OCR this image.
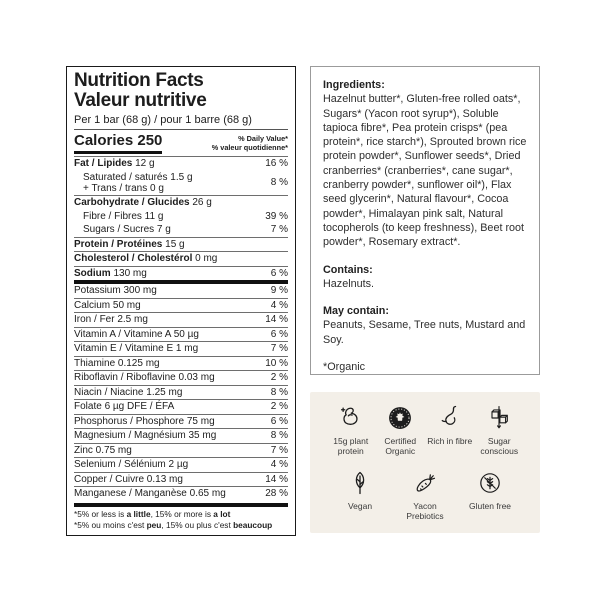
Nutrition Facts
Valeur nutritive
Per 1 bar (68 g) / pour 1 barre (68 g)
Calories 250	% Daily Value*
% valeur quotidienne*
Fat / Lipides 12 g	16 %
Saturated / saturés 1.5 g
+ Trans / trans 0 g	8 %
Carbohydrate / Glucides 26 g
Fibre / Fibres 11 g	39 %
Sugars / Sucres 7 g	7 %
Protein / Protéines 15 g
Cholesterol / Cholestérol 0 mg
Sodium 130 mg	6 %
Potassium 300 mg	9 %
Calcium 50 mg	4 %
Iron / Fer 2.5 mg	14 %
Vitamin A / Vitamine A 50 µg	6 %
Vitamin E / Vitamine E 1 mg	7 %
Thiamine 0.125 mg	10 %
Riboflavin / Riboflavine 0.03 mg	2 %
Niacin / Niacine 1.25 mg	8 %
Folate 6 µg DFE / ÉFA	2 %
Phosphorus / Phosphore 75 mg	6 %
Magnesium / Magnésium 35 mg	8 %
Zinc 0.75 mg	7 %
Selenium / Sélénium 2 µg	4 %
Copper / Cuivre 0.13 mg	14 %
Manganese / Manganèse 0.65 mg	28 %
*5% or less is a little, 15% or more is a lot
*5% ou moins c'est peu, 15% ou plus c'est beaucoup
Ingredients:
Hazelnut butter*, Gluten-free rolled oats*, Sugars* (Yacon root syrup*), Soluble tapioca fibre*, Pea protein crisps* (pea protein*, rice starch*), Sprouted brown rice protein powder*, Sunflower seeds*, Dried cranberries* (cranberries*, cane sugar*, cranberry powder*, sunflower oil*), Flax seed glycerin*, Natural flavour*, Cocoa powder*, Himalayan pink salt, Natural tocopherols (to keep freshness), Beet root powder*, Rosemary extract*.
Contains:
Hazelnuts.
May contain:
Peanuts, Sesame, Tree nuts, Mustard and Soy.
*Organic
15g plant protein
Certified Organic
Rich in fibre	Sugar conscious
Vegan	Yacon Prebiotics
Gluten free
